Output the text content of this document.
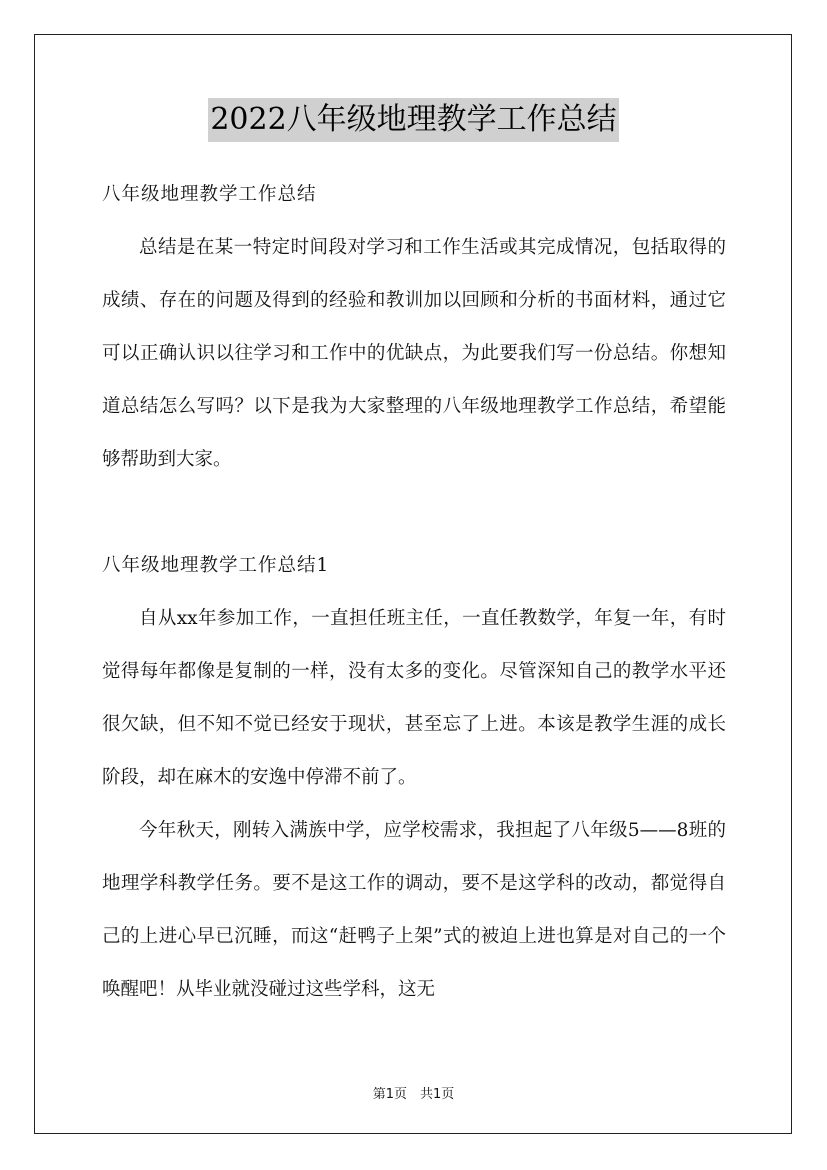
2022八年级地理教学工作总结

八年级地理教学工作总结

总结是在某一特定时间段对学习和工作生活或其完成情况，包括取得的成绩、存在的问题及得到的经验和教训加以回顾和分析的书面材料，通过它可以正确认识以往学习和工作中的优缺点，为此要我们写一份总结。你想知道总结怎么写吗？以下是我为大家整理的八年级地理教学工作总结，希望能够帮助到大家。

八年级地理教学工作总结1

自从xx年参加工作，一直担任班主任，一直任教数学，年复一年，有时觉得每年都像是复制的一样，没有太多的变化。尽管深知自己的教学水平还很欠缺，但不知不觉已经安于现状，甚至忘了上进。本该是教学生涯的成长阶段，却在麻木的安逸中停滞不前了。

今年秋天，刚转入满族中学，应学校需求，我担起了八年级5——8班的地理学科教学任务。要不是这工作的调动，要不是这学科的改动，都觉得自己的上进心早已沉睡，而这“赶鸭子上架”式的被迫上进也算是对自己的一个唤醒吧！从毕业就没碰过这些学科，这无

第1页　共1页
